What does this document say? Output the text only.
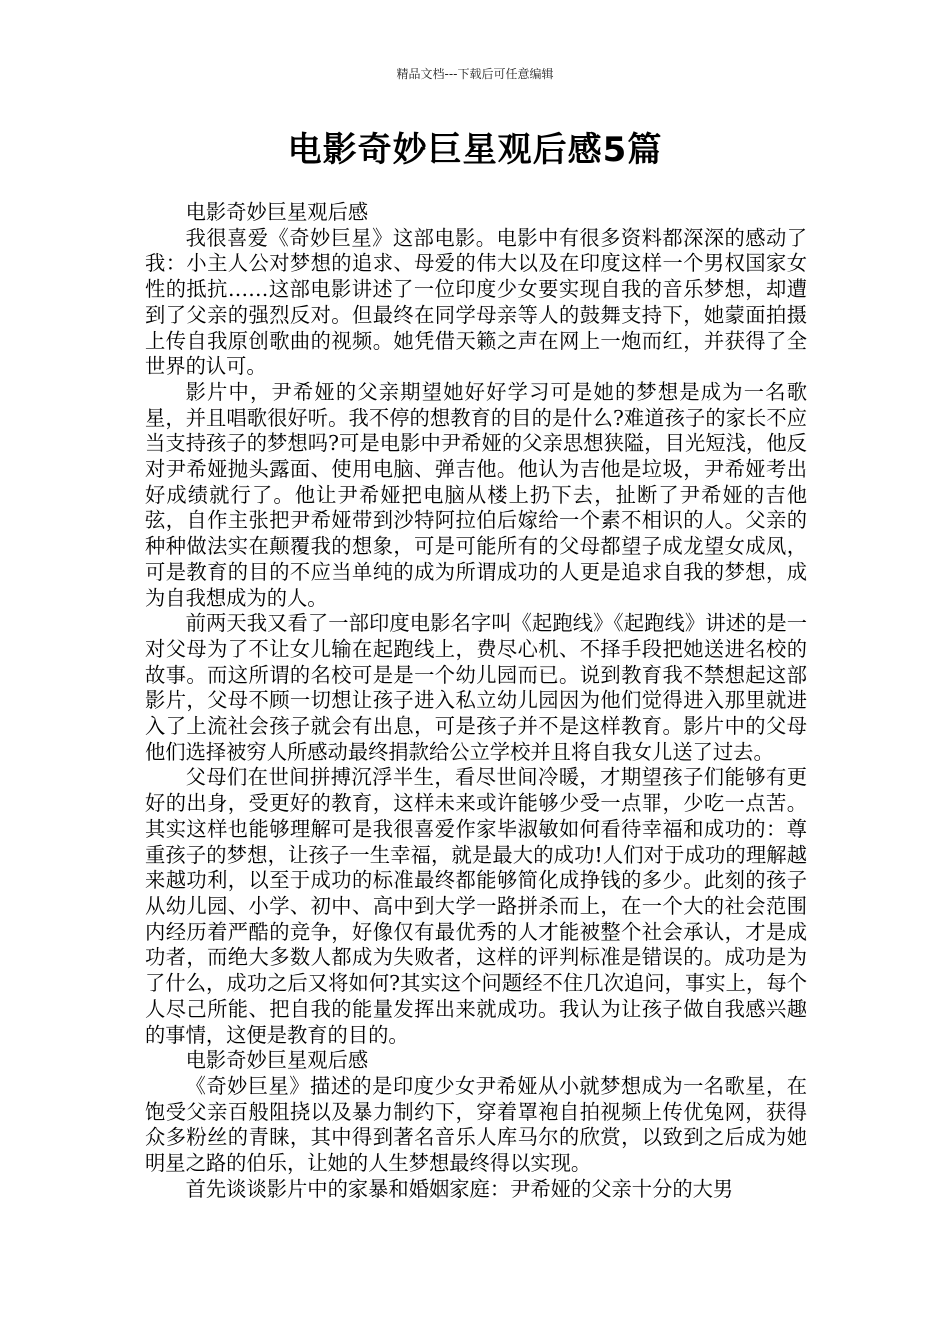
精品文档---下载后可任意编辑
电影奇妙巨星观后感5篇

电影奇妙巨星观后感

我很喜爱《奇妙巨星》这部电影。电影中有很多资料都深深的感动了我：小主人公对梦想的追求、母爱的伟大以及在印度这样一个男权国家女性的抵抗……这部电影讲述了一位印度少女要实现自我的音乐梦想，却遭到了父亲的强烈反对。但最终在同学母亲等人的鼓舞支持下，她蒙面拍摄上传自我原创歌曲的视频。她凭借天籁之声在网上一炮而红，并获得了全世界的认可。

影片中，尹希娅的父亲期望她好好学习可是她的梦想是成为一名歌星，并且唱歌很好听。我不停的想教育的目的是什么?难道孩子的家长不应当支持孩子的梦想吗?可是电影中尹希娅的父亲思想狭隘，目光短浅，他反对尹希娅抛头露面、使用电脑、弹吉他。他认为吉他是垃圾，尹希娅考出好成绩就行了。他让尹希娅把电脑从楼上扔下去，扯断了尹希娅的吉他弦，自作主张把尹希娅带到沙特阿拉伯后嫁给一个素不相识的人。父亲的种种做法实在颠覆我的想象，可是可能所有的父母都望子成龙望女成凤，可是教育的目的不应当单纯的成为所谓成功的人更是追求自我的梦想，成为自我想成为的人。

前两天我又看了一部印度电影名字叫《起跑线》《起跑线》讲述的是一对父母为了不让女儿输在起跑线上，费尽心机、不择手段把她送进名校的故事。而这所谓的名校可是是一个幼儿园而已。说到教育我不禁想起这部影片，父母不顾一切想让孩子进入私立幼儿园因为他们觉得进入那里就进入了上流社会孩子就会有出息，可是孩子并不是这样教育。影片中的父母他们选择被穷人所感动最终捐款给公立学校并且将自我女儿送了过去。

父母们在世间拼搏沉浮半生，看尽世间冷暖，才期望孩子们能够有更好的出身，受更好的教育，这样未来或许能够少受一点罪，少吃一点苦。其实这样也能够理解可是我很喜爱作家毕淑敏如何看待幸福和成功的：尊重孩子的梦想，让孩子一生幸福，就是最大的成功!人们对于成功的理解越来越功利，以至于成功的标准最终都能够简化成挣钱的多少。此刻的孩子从幼儿园、小学、初中、高中到大学一路拼杀而上，在一个大的社会范围内经历着严酷的竞争，好像仅有最优秀的人才能被整个社会承认，才是成功者，而绝大多数人都成为失败者，这样的评判标准是错误的。成功是为了什么，成功之后又将如何?其实这个问题经不住几次追问，事实上，每个人尽己所能、把自我的能量发挥出来就成功。我认为让孩子做自我感兴趣的事情，这便是教育的目的。

电影奇妙巨星观后感

《奇妙巨星》描述的是印度少女尹希娅从小就梦想成为一名歌星，在饱受父亲百般阻挠以及暴力制约下，穿着罩袍自拍视频上传优兔网，获得众多粉丝的青睐，其中得到著名音乐人库马尔的欣赏，以致到之后成为她明星之路的伯乐，让她的人生梦想最终得以实现。

首先谈谈影片中的家暴和婚姻家庭：尹希娅的父亲十分的大男
